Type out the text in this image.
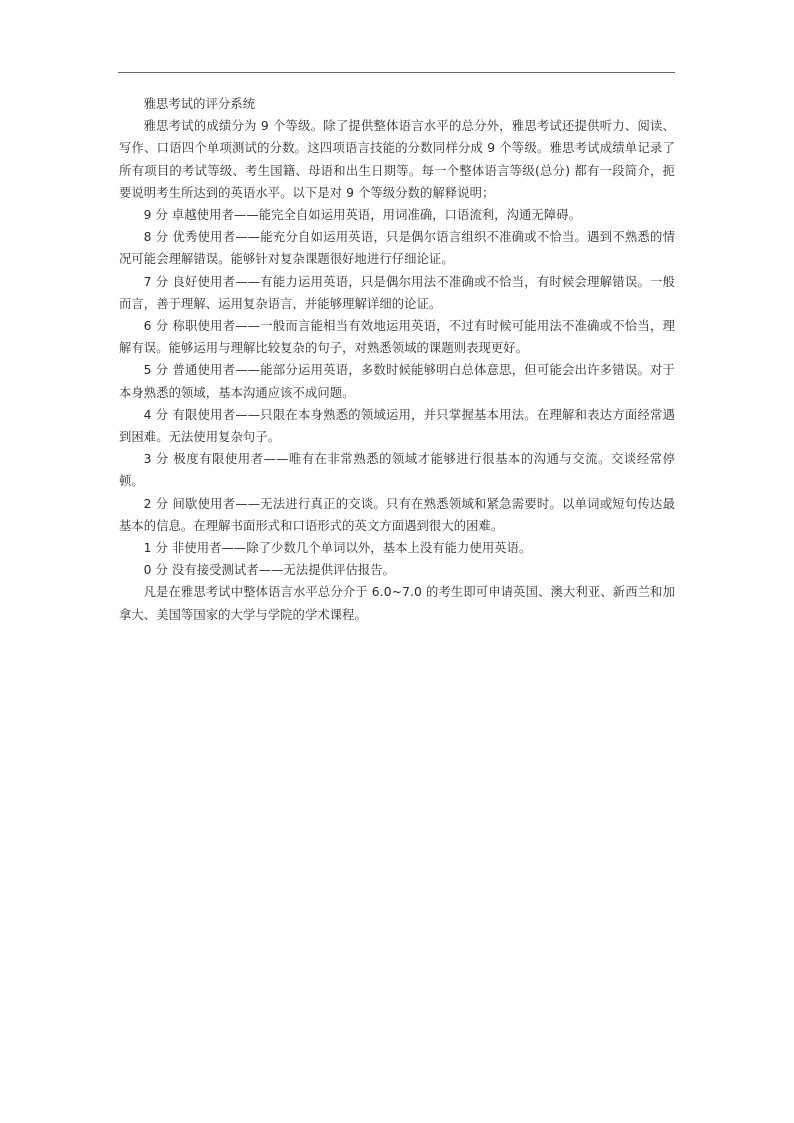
雅思考试的评分系统

雅思考试的成绩分为 9 个等级。除了提供整体语言水平的总分外，雅思考试还提供听力、阅读、写作、口语四个单项测试的分数。这四项语言技能的分数同样分成 9 个等级。雅思考试成绩单记录了所有项目的考试等级、考生国籍、母语和出生日期等。每一个整体语言等级(总分) 都有一段简介，扼要说明考生所达到的英语水平。以下是对 9 个等级分数的解释说明；

9 分 卓越使用者——能完全自如运用英语，用词准确，口语流利，沟通无障碍。

8 分 优秀使用者——能充分自如运用英语，只是偶尔语言组织不准确或不恰当。遇到不熟悉的情况可能会理解错误。能够针对复杂课题很好地进行仔细论证。

7 分 良好使用者——有能力运用英语，只是偶尔用法不准确或不恰当，有时候会理解错误。一般而言，善于理解、运用复杂语言，并能够理解详细的论证。

6 分 称职使用者——一般而言能相当有效地运用英语，不过有时候可能用法不准确或不恰当，理解有误。能够运用与理解比较复杂的句子，对熟悉领域的课题则表现更好。

5 分 普通使用者——能部分运用英语，多数时候能够明白总体意思，但可能会出许多错误。对于本身熟悉的领域，基本沟通应该不成问题。

4 分 有限使用者——只限在本身熟悉的领域运用，并只掌握基本用法。在理解和表达方面经常遇到困难。无法使用复杂句子。

3 分 极度有限使用者——唯有在非常熟悉的领域才能够进行很基本的沟通与交流。交谈经常停顿。

2 分 间歇使用者——无法进行真正的交谈。只有在熟悉领域和紧急需要时。以单词或短句传达最基本的信息。在理解书面形式和口语形式的英文方面遇到很大的困难。

1 分 非使用者——除了少数几个单词以外，基本上没有能力使用英语。

0 分 没有接受测试者——无法提供评估报告。

凡是在雅思考试中整体语言水平总分介于 6.0~7.0 的考生即可申请英国、澳大利亚、新西兰和加拿大、美国等国家的大学与学院的学术课程。
